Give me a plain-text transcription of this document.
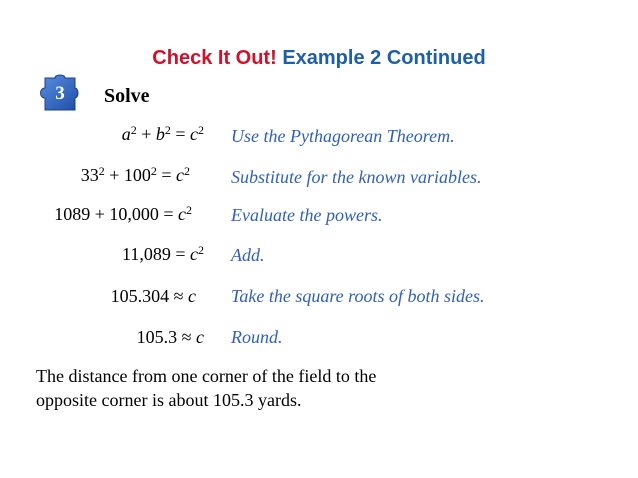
Check It Out! Example 2 Continued
3	Solve
$a^2 + b^2 = c^2$ Use the Pythagorean Theorem.
$33^2 + 100^2 = c^2$ Substitute for the known variables.
$1089 + 10,000 = c^2$ Evaluate the powers.
$11,089 = c^2$ Add.
105.304 ≈ c Take the square roots of both sides.
105.3 ≈ c Round.
The distance from one corner of the field to the
opposite corner is about 105.3 yards.
